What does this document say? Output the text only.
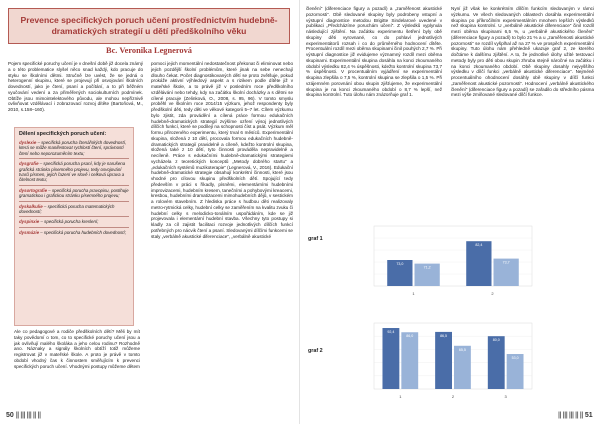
Prevence specifických poruch učení prostřednictvím hudebně-dramatických strategií u dětí předškolního věku
Bc. Veronika Legnerová

Pojem specifické poruchy učení je v dnešní době již docela známý a o této problematice slyšel něco snad každý, kdo pracuje do styku se školními dětmi. Stručně lze uvést, že se jedná o heterogenní skupinu, které se projevují při osvojování školních dovedností, jako je čtení, psaní a počítání, a to při běžném vyučování vedení a za přiměřených sociokulturních podmínek. Obtíže jsou mimointelektového původu, ale mohou nepříznivě ovlivňovat vzdělávací i zobrazovací rozvoj dítěte (Bartoňová, M., 2010, s.158–160).

Dělení specifických poruch učení:
dyslexie – specifická porucha čtenářských dovedností, která se může manifestovat rychlostí čtení, správností čtení nebo neporozuměním textu;
dysgrafie – specifická porucha psaní, kdy je narušena grafická stránka písemného projevu, tedy osvojování tvarů písmen, jejich řazení ve slově i celková úprava a čitelnost textu;
dysortografie – specifická porucha pravopisu, postihuje gramatickou i grafickou stránku písemného projevu;
dyskalkulie – specifická porucha matematických dovedností;
dyspinxie – specifická porucha kreslení;
dysmúzie – specifická porucha hudebních dovedností;

Ale co pedagogové a rodiče předškolních dětí? Měli by mít taky povědomí o tom, co to specifické poruchy učení jsou a jak ovlivňují malého školáka a jeho celou rodinu? Rozhodně ano. Náznaky a signály školních obtíží totiž můžeme registrovat již v mateřské škole. A proto je právě v tomto období vhodný čas k činnostem směřujícím k prevenci specifických poruch učení. Vhodnými postupy můžeme dětem

pomoci jejich momentální nedostatečnost překonat či eliminovat nebo jejich pozdější školní problémům, které jinak na sebe nenechají dlouho čekat. Počet diagnostikovaných dětí se proto zvětšuje, pokud prokáže aktivní výhledový aspekt a s rizikem podle dítěte již v mateřské škole, a to právě již v posledním roce předškolního vzdělávání nebo tehdy, kdy na začátku školní docházky a s dětmi se cílené pracuje (Zelinková, O., 2008, s. 95, 96). V tomto smyslu proběhl ve školním roce 2014/15 výzkum, jehož respondenty byly předškolní děti, tedy děti ve věkové kategorii 5–7 let. Cílem výzkumu bylo zjistit, zda provádění a cílená práce formou edukačních hudebně-dramatických strategií zvýšíme ozření výsoj jednotlivých dílčích funkcí, které se podílejí na schopnosti číst a psát. Výzkum měl formu přirozeného experimentu, který trval 6 měsíců. Experimentální skupina, složená z 10 dětí, procovala formou edukačních hudebně-dramatických strategií pravidelně a cíleně, kdežto kontrolní skupina, složená také z 10 dětí, tyto činnosti prováděla nepravidelně a necíleně. Práce s edukačními hudebně-dramatickými strategiemi vycházela z teoretických konceptů „Metody dobrého startu“ a „edukačních systémů muzikoterapie“ (Legnerová, V., 2016). Edukační hudebně-dramatické strategie obsahují konkrétní činnosti, které jsou vhodné pro cílovou skupinu předškolních dětí. Spojující tedy především v práci s říkadly, písněmi, elementárními hudebními improvizacemi, hudebním kresem, tanečními a pohybovými kreacemi, kresbou, hudebními dramatizacemi mimohudebních dějů, v sestickém a rolovém stavebním. Z hlediska práce s hudbou děti realizovaly metro-rytmická celky, hudební celky se zaměřením na kvalitu zvuku či hudební celky s melodicko-tonálním uspořádáním, kde se již projevovala i elementární hudební stavba. Všechny tyto postupy si kladly za cíl zajistit facilitaci rozvoje jednotlivých dílčích funkcí potřebných pro nácvik čtení a psaní. Sledovanými dílčími funkcemi se staly „verbálně akustické diferenciace“, „verbálně akustické

50 || ||| ||| || ||

členění“ (diferenciace figury a pozadí) a „zaměřenost akustické pozornosti“. Obě sledované skupiny byly podrobeny vstupní a výstupní diagnostice metodou Brigitte Sindelarové uvedené v publikaci „Předcházíme poruchám učení“. Z výsledků vyplynula následující zjištění. Na začátku experimentu šetření byly obě skupiny děti vyrovnané, co do pohlaví jednotlivých experimentátorů rozsah i co do průměrného hodnocení dítěte. Procentuální rozdíl mezi oběma skupinami činil pouhých 2,7 %. Při výstupní diagnostice již evidujeme významný rozdíl mezi oběma skupinami. Experimentální skupina dosáhla na konci zkoumaného období výsledku 82,4 % úspěšnosti, kdežto kontrolní skupina 73,7 % úspěšnosti. V procentuálním vyjádření se experimentální skupina zlepšila o 7,5 %, kontrolní skupina se zlepšila o 1,5 %. Při vzájemném porovnání obou skupin zjišťujeme, že experimentální skupina je na konci zkoumaného období o 8,7 % lepší, než skupina kontrolní. Tuto úlohu nám znázorňuje graf 1.

Nyní již však ke konkrétním dílčím funkcím sledovaným v rámci výzkumu. Ve všech sledovaných oblastech dosáhla experimentální skupina po příkročilním experimentálním mnohem lepších výsledků než skupina kontrolní. U „verbálně akustické diferenciace“ činil rozdíl mezi oběma skupinami 6,5 %, u „verbálně akustického členění“ (diferenciace figury a pozadí) to bylo 21 % a u „zaměřenosti akustické pozornosti“ se rozdíl vyšplhal až na 27 % ve prospěch experimentální skupiny. Tuto úlohu nám přehledně ukazuje graf 2, ze kterého dočtáme k dalšímu zjištění. A to, že jednotlivé úlohy užité testovací metody byly pro děti obou skupin zhruba stejně náročné na začátku i na konci zkoumaného období. Obě skupiny dosahly nejvyššího výsledku v dílčí funkci „verbálně akustické diferenciace“. Nejméně procentuálního ohodnocení dosáhly obě skupiny v dílčí funkci „zaměřenost akustické pozornosti“. Hodnocení „verbálně akustického členění“ (diferenciace figury a pozadí) se zařadilo do středního pásma mezi výše zmiňované sledované dílčí funkce.

graf 1
73,0
71,2
1
82,4
73,7
2
graf 2
92,4
86,0
1
86,5
65,5
2
80,0
53,0
3
|| ||| ||| || || 51
